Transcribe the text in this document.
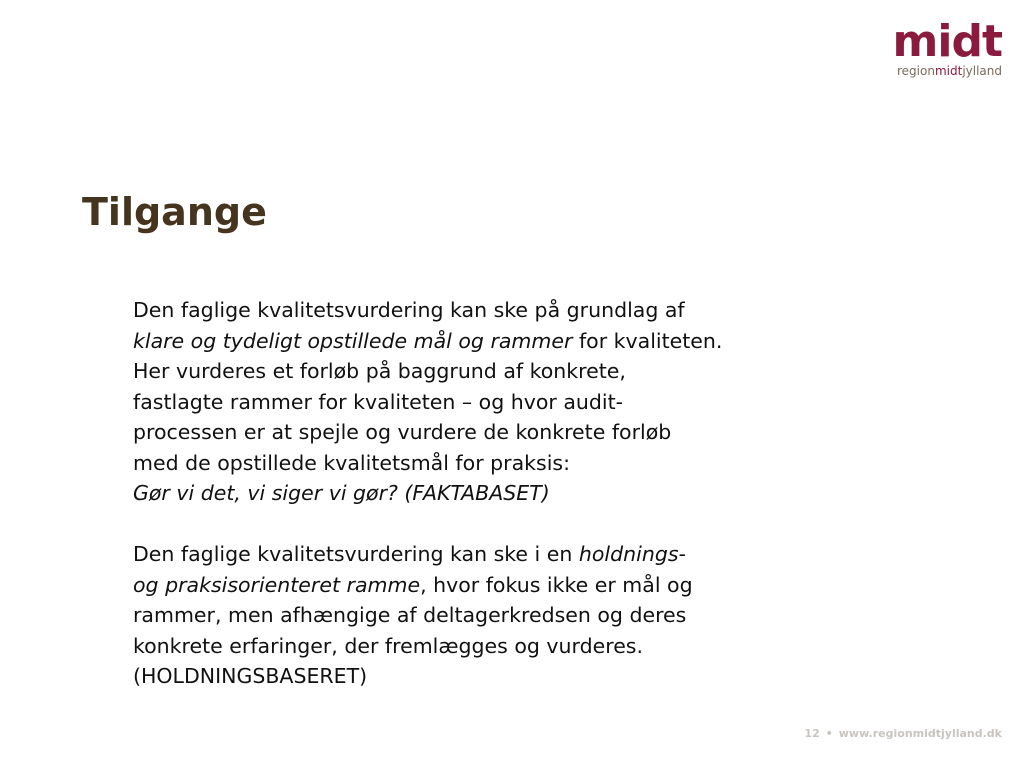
midt
regionmidtjylland
Tilgange

Den faglige kvalitetsvurdering kan ske på grundlag af

klare og tydeligt opstillede mål og rammer for kvaliteten.

Her vurderes et forløb på baggrund af konkrete,

fastlagte rammer for kvaliteten – og hvor audit-

processen er at spejle og vurdere de konkrete forløb

med de opstillede kvalitetsmål for praksis:

Gør vi det, vi siger vi gør? (FAKTABASET)

Den faglige kvalitetsvurdering kan ske i en holdnings-

og praksisorienteret ramme, hvor fokus ikke er mål og

rammer, men afhængige af deltagerkredsen og deres

konkrete erfaringer, der fremlægges og vurderes.

(HOLDNINGSBASERET)

12 • www.regionmidtjylland.dk
